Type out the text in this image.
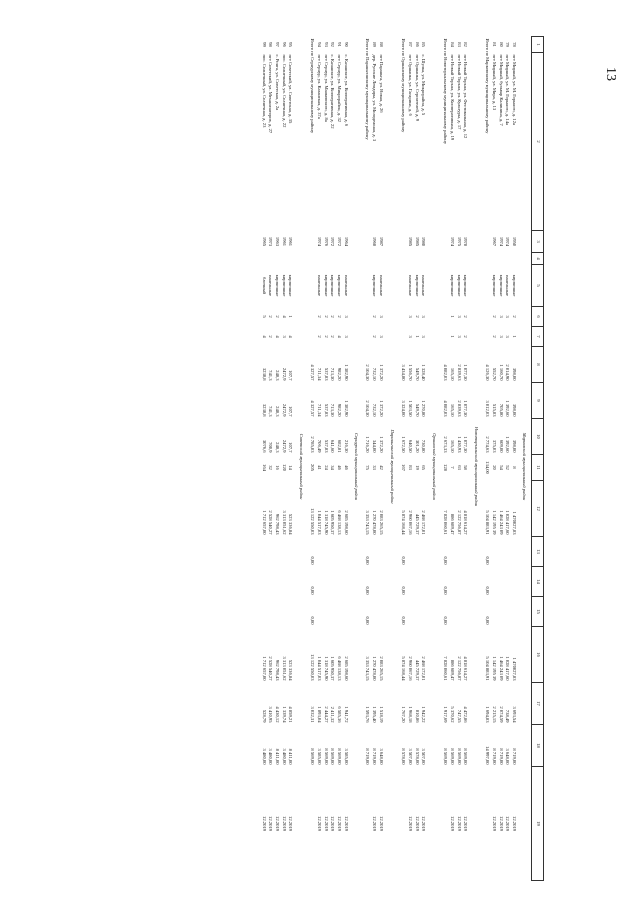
13
1	2	3	4	5	6	7	8	9	10	11	12	13	14	15	16	17	18	19
	Марковский муниципальный район																	
78	пгт Мирный, ул. М. Горького, д. 12а	1950		кирпичные	2	1	398,00	398,00	398,00	8	1 470027,83				1 470027,83	3 693,54	8 719,00	12.2019
79	пгт Мирный, ул. М. Горького, д. 14а	1974		панельные	3	3	2 014,90	1 392,60	1 392,60	52	1 028 417,60				1 028 417,60	738,49	3 648,00	12.2019
80	пгт Мирный, бульвар Калинина, д. 7	1974		кирпичные	3	3	1 160,70	705,80	609,00	54	1 464 243 09				1 464 243 09	2 074,59	8 719,00	12.2019
81	пгт Мирный, ул. Мира, д. 13	1967		кирпичные	2	2	552,70	515,83	375,03	20	1 142 195 39				1 142 195 39	2 215,15	8 719,00	12.2019
Итого по Марковскому муниципальному району							4 126,30	3 012,03	2 774,63	134,00	5 104 883,91	0,00	0,00	0,00	5 104 883,91	1 694,83	14 997,00	
	Новоторъяльский муниципальный район																	
82	пгт Новый Торъял, ул. Фестивальная, д. 12	1978		кирпичные	2	2	1 077,30	1 077,30	1 077,30	58	4 818 614,27				4 818 614,27	4 472,86	8 569,00	12.2019
83	пгт Новый Торъял, ул. Культуры, д. 17	1975		кирпичные	3	3	2 839,63	2 839,63	1 430,93	63	2 122 756,87				2 122 756,87	747,55	8 569,00	12.2019
84	пгт Новый Торъял, ул. Кооперативная, д. 19	1974		кирпичные	1	1	165,10	165,10	165,10	7	886 689,47				886 689,47	5 370,62	8 569,00	12.2019
Итого по Новоторъяльскому муниципальному району							4 082,03	4 082,03	2 673,33	128	7 828 060,61	0,00	0,00	0,00	7 828 060,61	1 917,69	8 569,00	
	Оршанский муниципальный район																	
85	с. Шулка, ул. Микрорайон, д. 5	1980		панельные	3	3	1 328,40	1 270,80	730,80	65	2 468 172,01				2 468 172,01	1 942,22	3 507,00	12.2019
86	пгт Оршанка, ул. Строителей, д. 9	1985		кирпичные	2	1	549,70	549,70	301,20	19	445 729,37				445 729,37	810,86	8 578,00	12.2019
87	пгт Оршанка, ул. Гагарина, д. 6	1985		панельные	3	3	1 556,70	1 503,50	640,50	83	2 960 067,16				2 960 067,16	1 968,18	3 507,00	12.2019
Итого по Оршанскому муниципальному району							3 434,80	3 324,00	1 672,50	167	5 874 168,44	0,00	0,00	0,00	5 874 168,44	1 767,20	8 578,00	
	Параньгинский муниципальный район																	
88	пгт Параньга, ул. Новая, д. 26	1987		панельные	3	3	1 372,20	1 372,20	1 372,20	42	2 083 265,15				2 083 265,15	1 518,19	3 648,00	12.2019
89	дер. Русские Лемдяры, ул. Молодежная, д. 3	1968		кирпичные	2	2	732,10	732,10	344,00	33	1 270 478,00				1 270 478,00	1 395,40	8 719,00	12.2019
Итого по Параньгинскому муниципальному району							2 104,30	2 104,30	1 716,20	75	3 353 743,15	0,00	0,00	0,00	3 353 743,15	1 593,76	8 719,00	
	Сернурский муниципальный район																	
90	с. Казанское, ул. Кооперативная, д. 6	1964		панельные	3	3	1 382,90	1 382,90	216,30	46	2 685 198,60				2 685 198,60	1 941,72	3 585,00	12.2019
91	пгт Сернур, ул. Микрорайон, д. 32	1972		кирпичные	2	4	982,20	982,20	682,81	46	6 468 138,13				6 468 138,13	6 585,36	8 569,00	12.2019
92	с. Казанское, ул. Кооперативная, д. 22	1972		кирпичные	2	2	713,30	713,30	641,60	34	1 605 950,37				1 605 950,37	2 411,32	8 569,00	12.2019
93	пгт Сернур, ул. Маяковского, д. 8а	1976		кирпичные	2	2	537,83	537,83	537,83	24	1 318 745,90				1 318 745,90	2 444,27	8 569,00	12.2019
94	пгт Сернур, ул. Казанская, д. 37а	1974		панельные	2	2	711,34	711,34	706,49	41	1 044 517,03				1 044 517,03	1 893,04	3 585,00	12.2019
Итого по Сернурскому муниципальному району							4 327,57	4 327,57	2 785,03	205	13 122 550,03	0,00	0,00	0,00	13 122 550,03	3 032,31	8 569,00	
	Советский муниципальный район																	
95	пгт Советский, ул. Советская, д. 35	1961		кирпичные	1	4	107,7	107,7	107,7	14	523 336,84				523 336,84	4 859,21	8 411,00	12.2019
96	пос. Солнечный, ул. Солнечная, д. 22	1961		кирпичные	4	3	2472,9	2472,9	2472,9	120	3 313 051,62				3 313 051,62	1 339,74	3 480,00	12.2019
97	с. Ронга, ул. Советская, д. 2а	1963		кирпичные	2	4	248,3	248,3	248,3	16	962 798,43				962 798,43	4 430,12	8 411,00	12.2019
98	пгт Советский, ул. Механизаторов, д. 27	1973		панельные	2	2	741,3	741,3	700,9	32	2 528 540,27				2 528 540,27	3 410,95	3 480,00	12.2019
99	пос. Солнечный, ул. Солнечная, д. 23	1965		блочный	5	4	3238,8	3238,8	3076,6	164	1 712 657,00				1 712 657,00	528,79	3 480,00	12.2019
